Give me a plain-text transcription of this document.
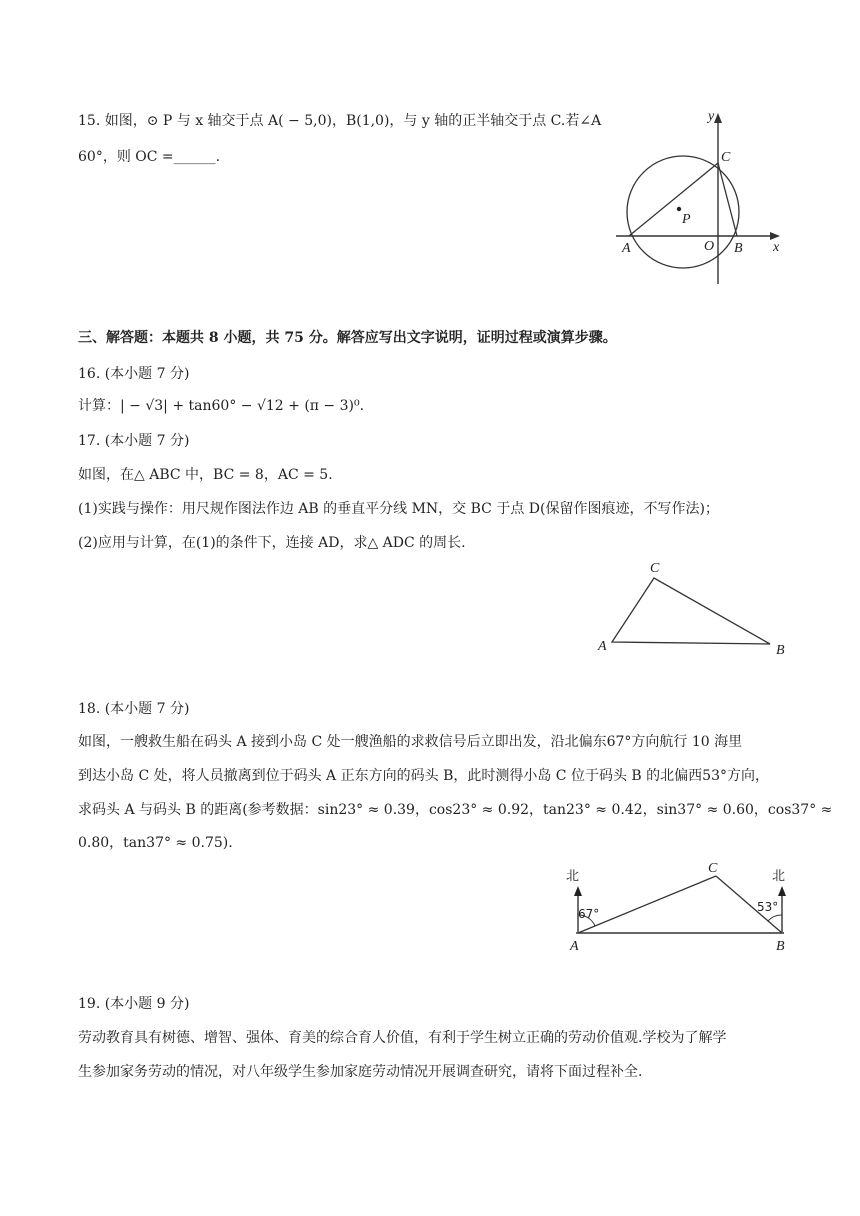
15. 如图，⊙ P 与 x 轴交于点 A( − 5,0)，B(1,0)，与 y 轴的正半轴交于点 C.若∠A
60°，则 OC =______.
y
x
C
P
A	O B
三、解答题：本题共 8 小题，共 75 分。解答应写出文字说明，证明过程或演算步骤。
16. (本小题 7 分)
计算：| − √3| + tan60° − √12 + (π − 3)⁰.
17. (本小题 7 分)
如图，在△ ABC 中，BC = 8，AC = 5.
(1)实践与操作：用尺规作图法作边 AB 的垂直平分线 MN，交 BC 于点 D(保留作图痕迹，不写作法)；
(2)应用与计算，在(1)的条件下，连接 AD，求△ ADC 的周长.
C
A	B
18. (本小题 7 分)
如图，一艘救生船在码头 A 接到小岛 C 处一艘渔船的求救信号后立即出发，沿北偏东67°方向航行 10 海里
到达小岛 C 处，将人员撤离到位于码头 A 正东方向的码头 B，此时测得小岛 C 位于码头 B 的北偏西53°方向，
求码头 A 与码头 B 的距离(参考数据：sin23° ≈ 0.39，cos23° ≈ 0.92，tan23° ≈ 0.42，sin37° ≈ 0.60，cos37° ≈
0.80，tan37° ≈ 0.75).
北	北
67°	53°
C
A	B
19. (本小题 9 分)
劳动教育具有树德、增智、强体、育美的综合育人价值，有利于学生树立正确的劳动价值观.学校为了解学
生参加家务劳动的情况，对八年级学生参加家庭劳动情况开展调查研究，请将下面过程补全.
